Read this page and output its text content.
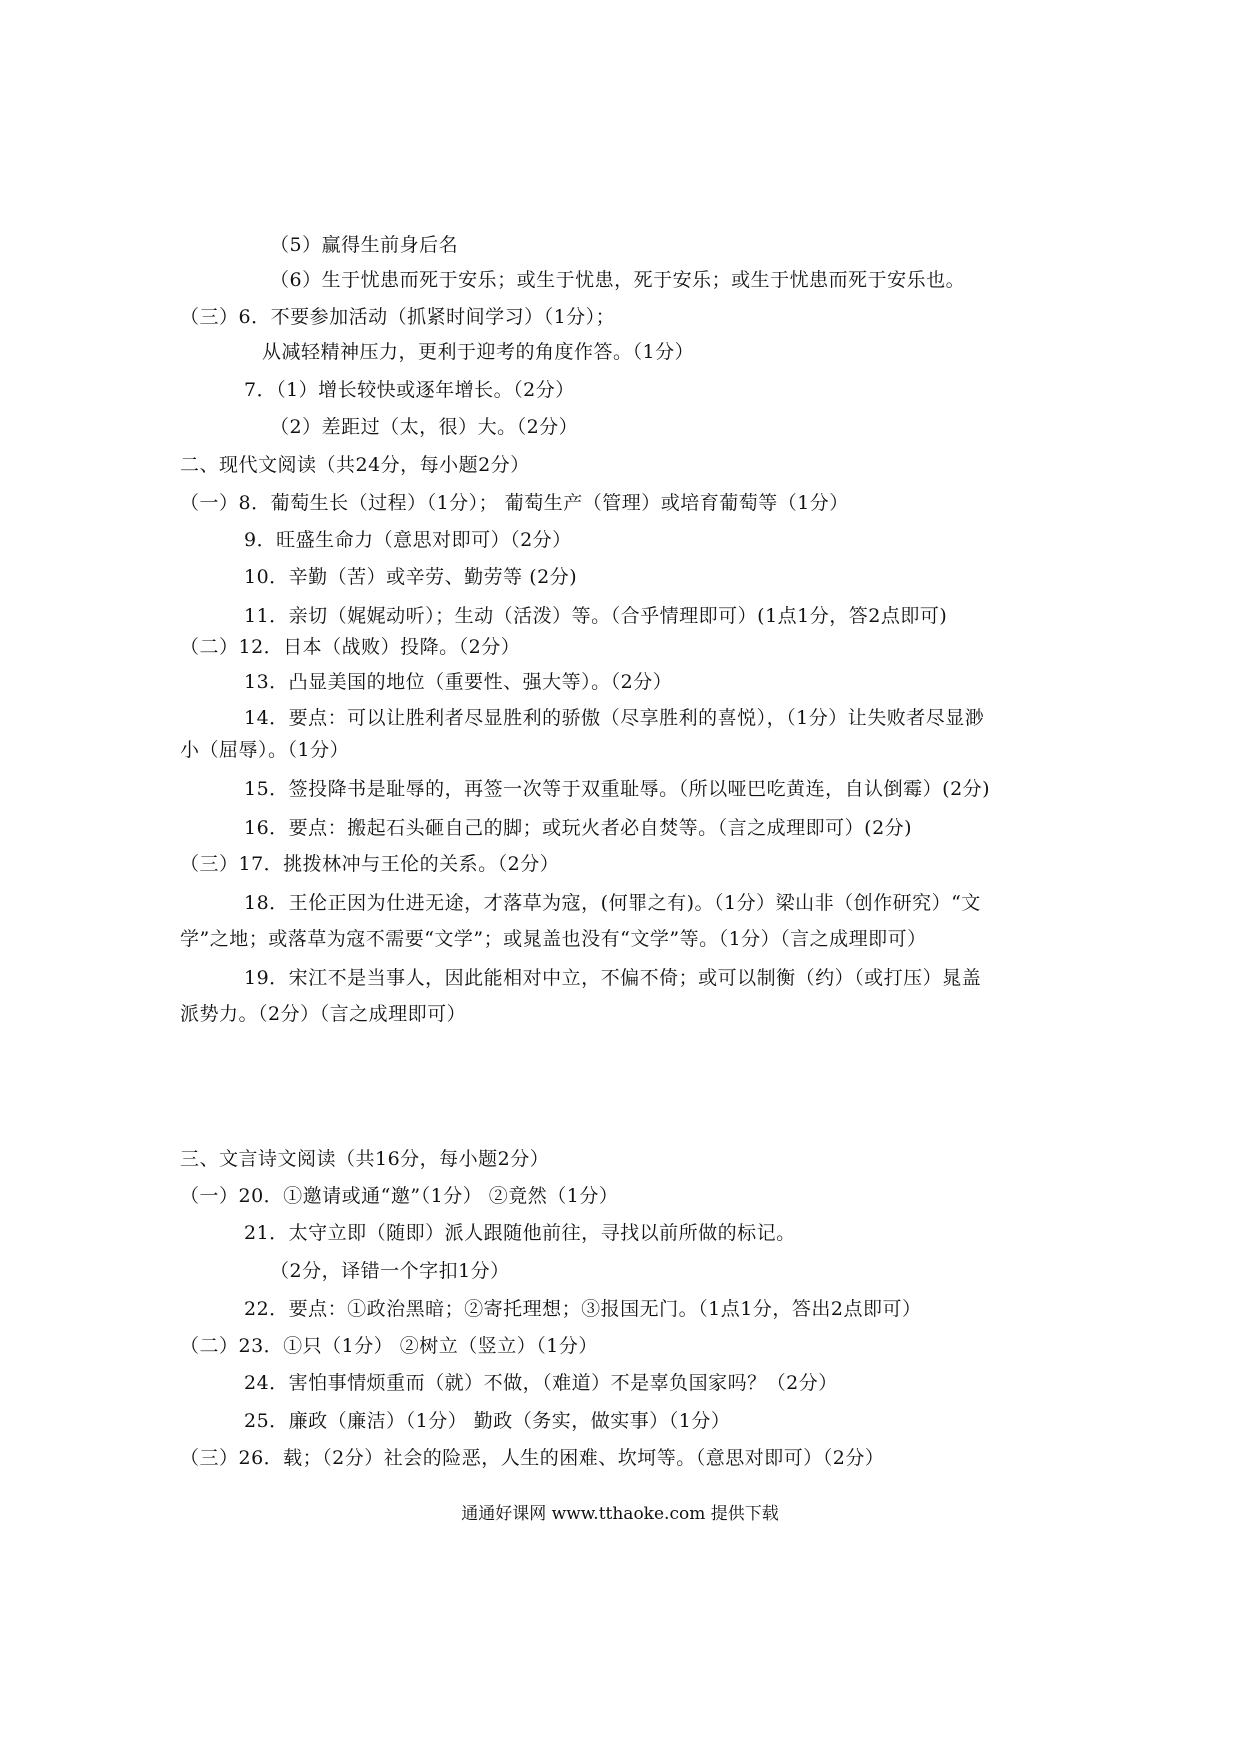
（5）赢得生前身后名
（6）生于忧患而死于安乐；或生于忧患，死于安乐；或生于忧患而死于安乐也。
（三）6．不要参加活动（抓紧时间学习）（1分）；
从减轻精神压力，更利于迎考的角度作答。（1分）
7．（1）增长较快或逐年增长。（2分）
（2）差距过（太，很）大。（2分）
二、现代文阅读（共24分，每小题2分）
（一）8．葡萄生长（过程）（1分）； 葡萄生产（管理）或培育葡萄等（1分）
9．旺盛生命力（意思对即可）（2分）
10．辛勤（苦）或辛劳、勤劳等 (2分)
11．亲切（娓娓动听）；生动（活泼）等。（合乎情理即可）(1点1分，答2点即可)
（二）12．日本（战败）投降。（2分）
13．凸显美国的地位（重要性、强大等）。（2分）
14．要点：可以让胜利者尽显胜利的骄傲（尽享胜利的喜悦），（1分）让失败者尽显渺
小（屈辱）。（1分）
15．签投降书是耻辱的，再签一次等于双重耻辱。（所以哑巴吃黄连，自认倒霉）(2分)
16．要点：搬起石头砸自己的脚；或玩火者必自焚等。（言之成理即可）(2分)
（三）17．挑拨林冲与王伦的关系。（2分）
18．王伦正因为仕进无途，才落草为寇，(何罪之有)。（1分）梁山非（创作研究）“文
学”之地；或落草为寇不需要“文学”；或晁盖也没有“文学”等。（1分）（言之成理即可）
19．宋江不是当事人，因此能相对中立，不偏不倚；或可以制衡（约）（或打压）晁盖
派势力。（2分）（言之成理即可）
三、文言诗文阅读（共16分，每小题2分）
（一）20．①邀请或通“邀”（1分） ②竟然（1分）
21．太守立即（随即）派人跟随他前往，寻找以前所做的标记。
（2分，译错一个字扣1分）
22．要点：①政治黑暗；②寄托理想；③报国无门。（1点1分，答出2点即可）
（二）23．①只（1分） ②树立（竖立）（1分）
24．害怕事情烦重而（就）不做，（难道）不是辜负国家吗？（2分）
25．廉政（廉洁）（1分） 勤政（务实，做实事）（1分）
（三）26．载；（2分）社会的险恶，人生的困难、坎坷等。（意思对即可）（2分）
通通好课网 www.tthaoke.com 提供下载
